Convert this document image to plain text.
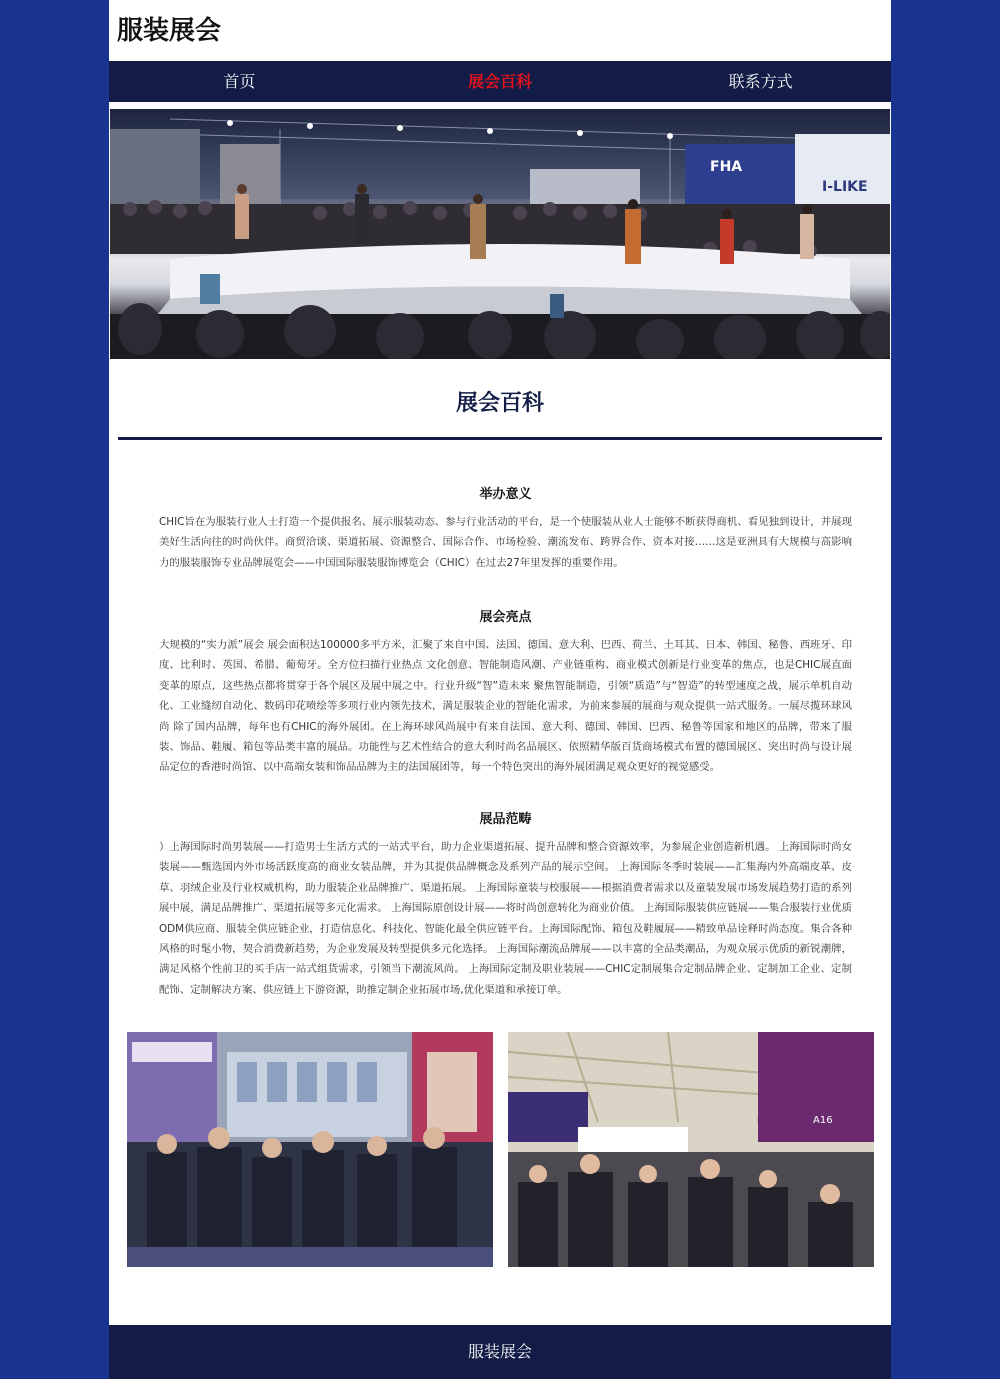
服装展会
首页	展会百科	联系方式
FHA
I-LIKE
展会百科
举办意义

CHIC旨在为服装行业人士打造一个提供报名、展示服装动态、参与行业活动的平台，是一个使服装从业人士能够不断获得商机、看见独到设计，并展现美好生活向往的时尚伙伴。商贸洽谈、渠道拓展、资源整合、国际合作、市场检验、潮流发布、跨界合作、资本对接……这是亚洲具有大规模与高影响力的服装服饰专业品牌展览会——中国国际服装服饰博览会（CHIC）在过去27年里发挥的重要作用。

展会亮点

大规模的“实力派”展会 展会面积达100000多平方米，汇聚了来自中国、法国、德国、意大利、巴西、荷兰、土耳其、日本、韩国、秘鲁、西班牙、印度、比利时、英国、希腊、葡萄牙。全方位扫描行业热点 文化创意、智能制造风潮、产业链重构、商业模式创新是行业变革的焦点，也是CHIC展直面变革的原点，这些热点都将贯穿于各个展区及展中展之中。行业升级“智”造未来 聚焦智能制造，引领“质造”与“智造”的转型速度之战，展示单机自动化、工业缝纫自动化、数码印花喷绘等多项行业内领先技术，满足服装企业的智能化需求，为前来参展的展商与观众提供一站式服务。一展尽揽环球风尚 除了国内品牌，每年也有CHIC的海外展团。在上海环球风尚展中有来自法国、意大利、德国、韩国、巴西、秘鲁等国家和地区的品牌，带来了服装、饰品、鞋履、箱包等品类丰富的展品。功能性与艺术性结合的意大利时尚名品展区、依照精华版百货商场模式布置的德国展区、突出时尚与设计展品定位的香港时尚馆、以中高端女装和饰品品牌为主的法国展团等，每一个特色突出的海外展团满足观众更好的视觉感受。

展品范畴

）上海国际时尚男装展——打造男士生活方式的一站式平台，助力企业渠道拓展、提升品牌和整合资源效率，为参展企业创造新机遇。 上海国际时尚女装展——甄选国内外市场活跃度高的商业女装品牌，并为其提供品牌概念及系列产品的展示空间。 上海国际冬季时装展——汇集海内外高端皮革、皮草、羽绒企业及行业权威机构，助力服装企业品牌推广、渠道拓展。 上海国际童装与校服展——根据消费者需求以及童装发展市场发展趋势打造的系列展中展，满足品牌推广、渠道拓展等多元化需求。 上海国际原创设计展——将时尚创意转化为商业价值。 上海国际服装供应链展——集合服装行业优质ODM供应商、服装全供应链企业，打造信息化、科技化、智能化最全供应链平台。上海国际配饰、箱包及鞋履展——精致单品诠释时尚态度。集合各种风格的时髦小物，契合消费新趋势，为企业发展及转型提供多元化选择。 上海国际潮流品牌展——以丰富的全品类潮品，为观众展示优质的新锐潮牌，满足风格个性前卫的买手店一站式组货需求，引领当下潮流风尚。 上海国际定制及职业装展——CHIC定制展集合定制品牌企业、定制加工企业、定制配饰、定制解决方案、供应链上下游资源，助推定制企业拓展市场,优化渠道和承接订单。

A16
服装展会
